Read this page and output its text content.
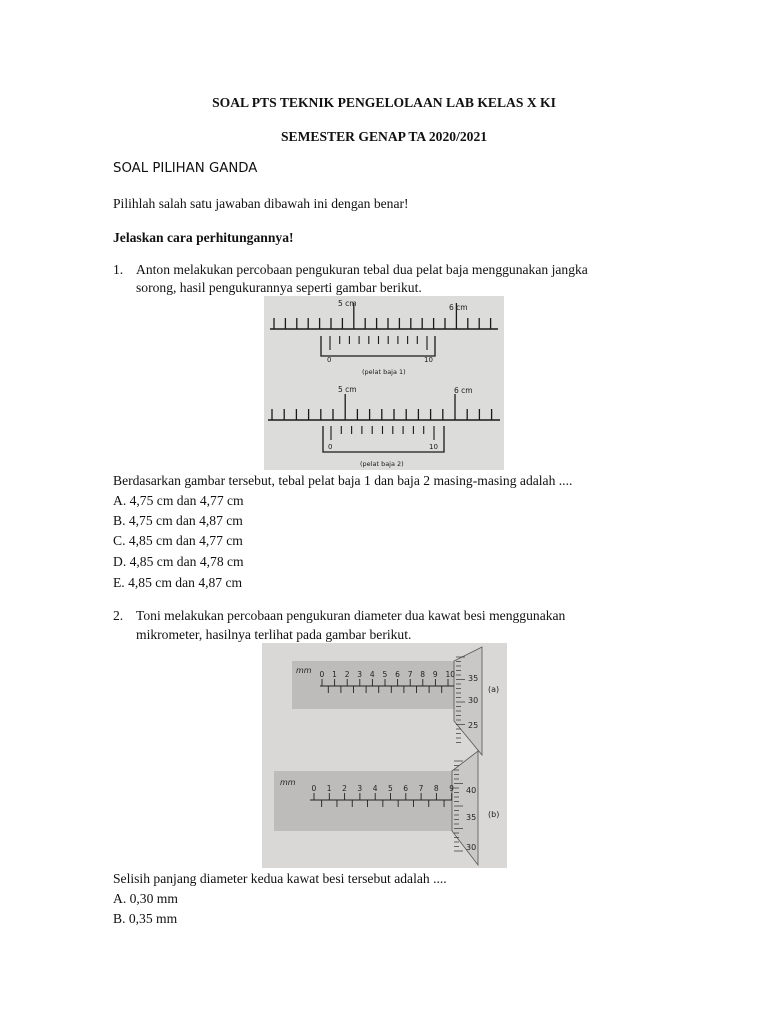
SOAL PTS TEKNIK PENGELOLAAN LAB KELAS X KI
SEMESTER GENAP TA 2020/2021
SOAL PILIHAN GANDA
Pilihlah salah satu jawaban dibawah ini dengan benar!
Jelaskan cara perhitungannya!
1. Anton melakukan percobaan pengukuran tebal dua pelat baja menggunakan jangka
sorong, hasil pengukurannya seperti gambar berikut.
5 cm	6 cm
0	10
(pelat baja 1)
5 cm	6 cm
0	10
(pelat baja 2)
Berdasarkan gambar tersebut, tebal pelat baja 1 dan baja 2 masing-masing adalah ....
A. 4,75 cm dan 4,77 cm
B. 4,75 cm dan 4,87 cm
C. 4,85 cm dan 4,77 cm
D. 4,85 cm dan 4,78 cm
E. 4,85 cm dan 4,87 cm
2. Toni melakukan percobaan pengukuran diameter dua kawat besi menggunakan
mikrometer, hasilnya terlihat pada gambar berikut.
mm 0 1 2 3 4 5 6 7 8 9 10 35
30
25
(a)
mm
0 1 2 3 4 5 6 7 8 9 40
35
30
(b)
Selisih panjang diameter kedua kawat besi tersebut adalah ....
A. 0,30 mm
B. 0,35 mm
